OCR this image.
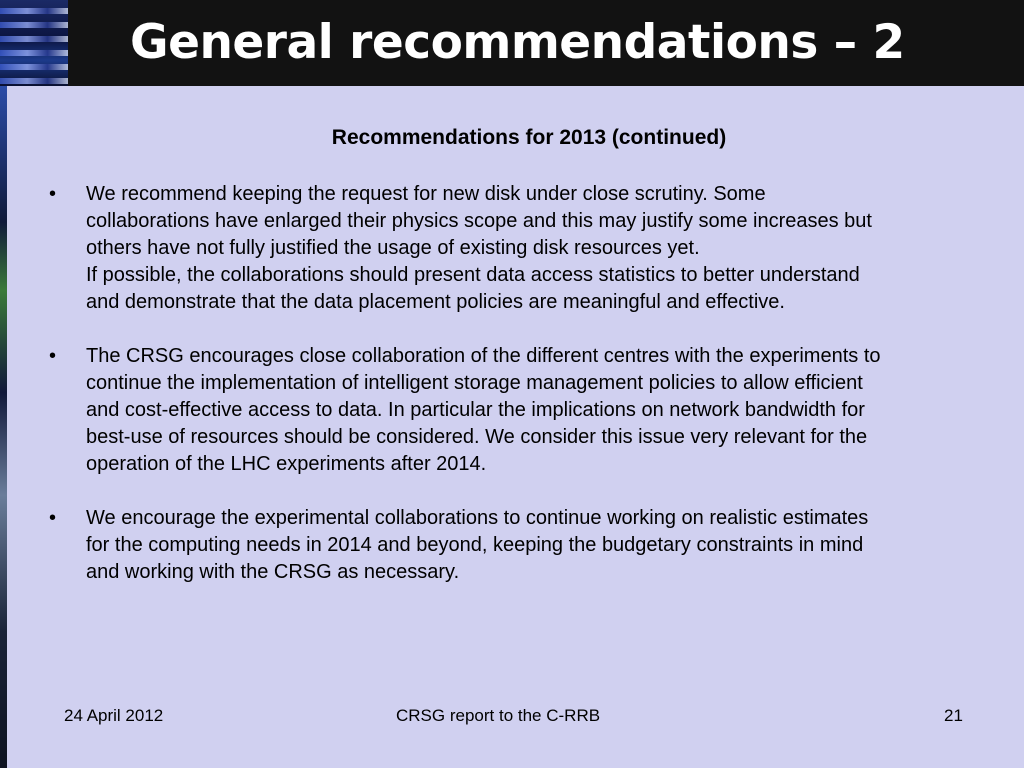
General recommendations – 2
Recommendations for 2013 (continued)
• We recommend keeping the request for new disk under close scrutiny. Some
collaborations have enlarged their physics scope and this may justify some increases but
others have not fully justified the usage of existing disk resources yet.
If possible, the collaborations should present data access statistics to better understand
and demonstrate that the data placement policies are meaningful and effective.
• The CRSG encourages close collaboration of the different centres with the experiments to
continue the implementation of intelligent storage management policies to allow efficient
and cost-effective access to data. In particular the implications on network bandwidth for
best-use of resources should be considered. We consider this issue very relevant for the
operation of the LHC experiments after 2014.
• We encourage the experimental collaborations to continue working on realistic estimates
for the computing needs in 2014 and beyond, keeping the budgetary constraints in mind
and working with the CRSG as necessary.
24 April 2012	CRSG report to the C-RRB	21
